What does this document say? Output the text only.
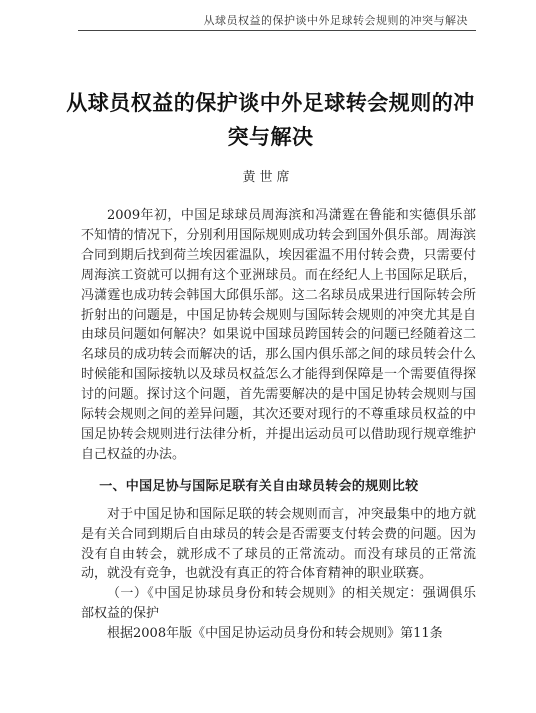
从球员权益的保护谈中外足球转会规则的冲突与解决
从球员权益的保护谈中外足球转会规则的冲突与解决
黄世席

2009年初，中国足球球员周海滨和冯潇霆在鲁能和实德俱乐部不知情的情况下，分别利用国际规则成功转会到国外俱乐部。周海滨合同到期后找到荷兰埃因霍温队，埃因霍温不用付转会费，只需要付周海滨工资就可以拥有这个亚洲球员。而在经纪人上书国际足联后，冯潇霆也成功转会韩国大邱俱乐部。这二名球员成果进行国际转会所折射出的问题是，中国足协转会规则与国际转会规则的冲突尤其是自由球员问题如何解决？如果说中国球员跨国转会的问题已经随着这二名球员的成功转会而解决的话，那么国内俱乐部之间的球员转会什么时候能和国际接轨以及球员权益怎么才能得到保障是一个需要值得探讨的问题。探讨这个问题，首先需要解决的是中国足协转会规则与国际转会规则之间的差异问题，其次还要对现行的不尊重球员权益的中国足协转会规则进行法律分析，并提出运动员可以借助现行规章维护自己权益的办法。

一、中国足协与国际足联有关自由球员转会的规则比较

对于中国足协和国际足联的转会规则而言，冲突最集中的地方就是有关合同到期后自由球员的转会是否需要支付转会费的问题。因为没有自由转会，就形成不了球员的正常流动。而没有球员的正常流动，就没有竞争，也就没有真正的符合体育精神的职业联赛。

（一）《中国足协球员身份和转会规则》的相关规定：强调俱乐部权益的保护

根据2008年版《中国足协运动员身份和转会规则》第11条
